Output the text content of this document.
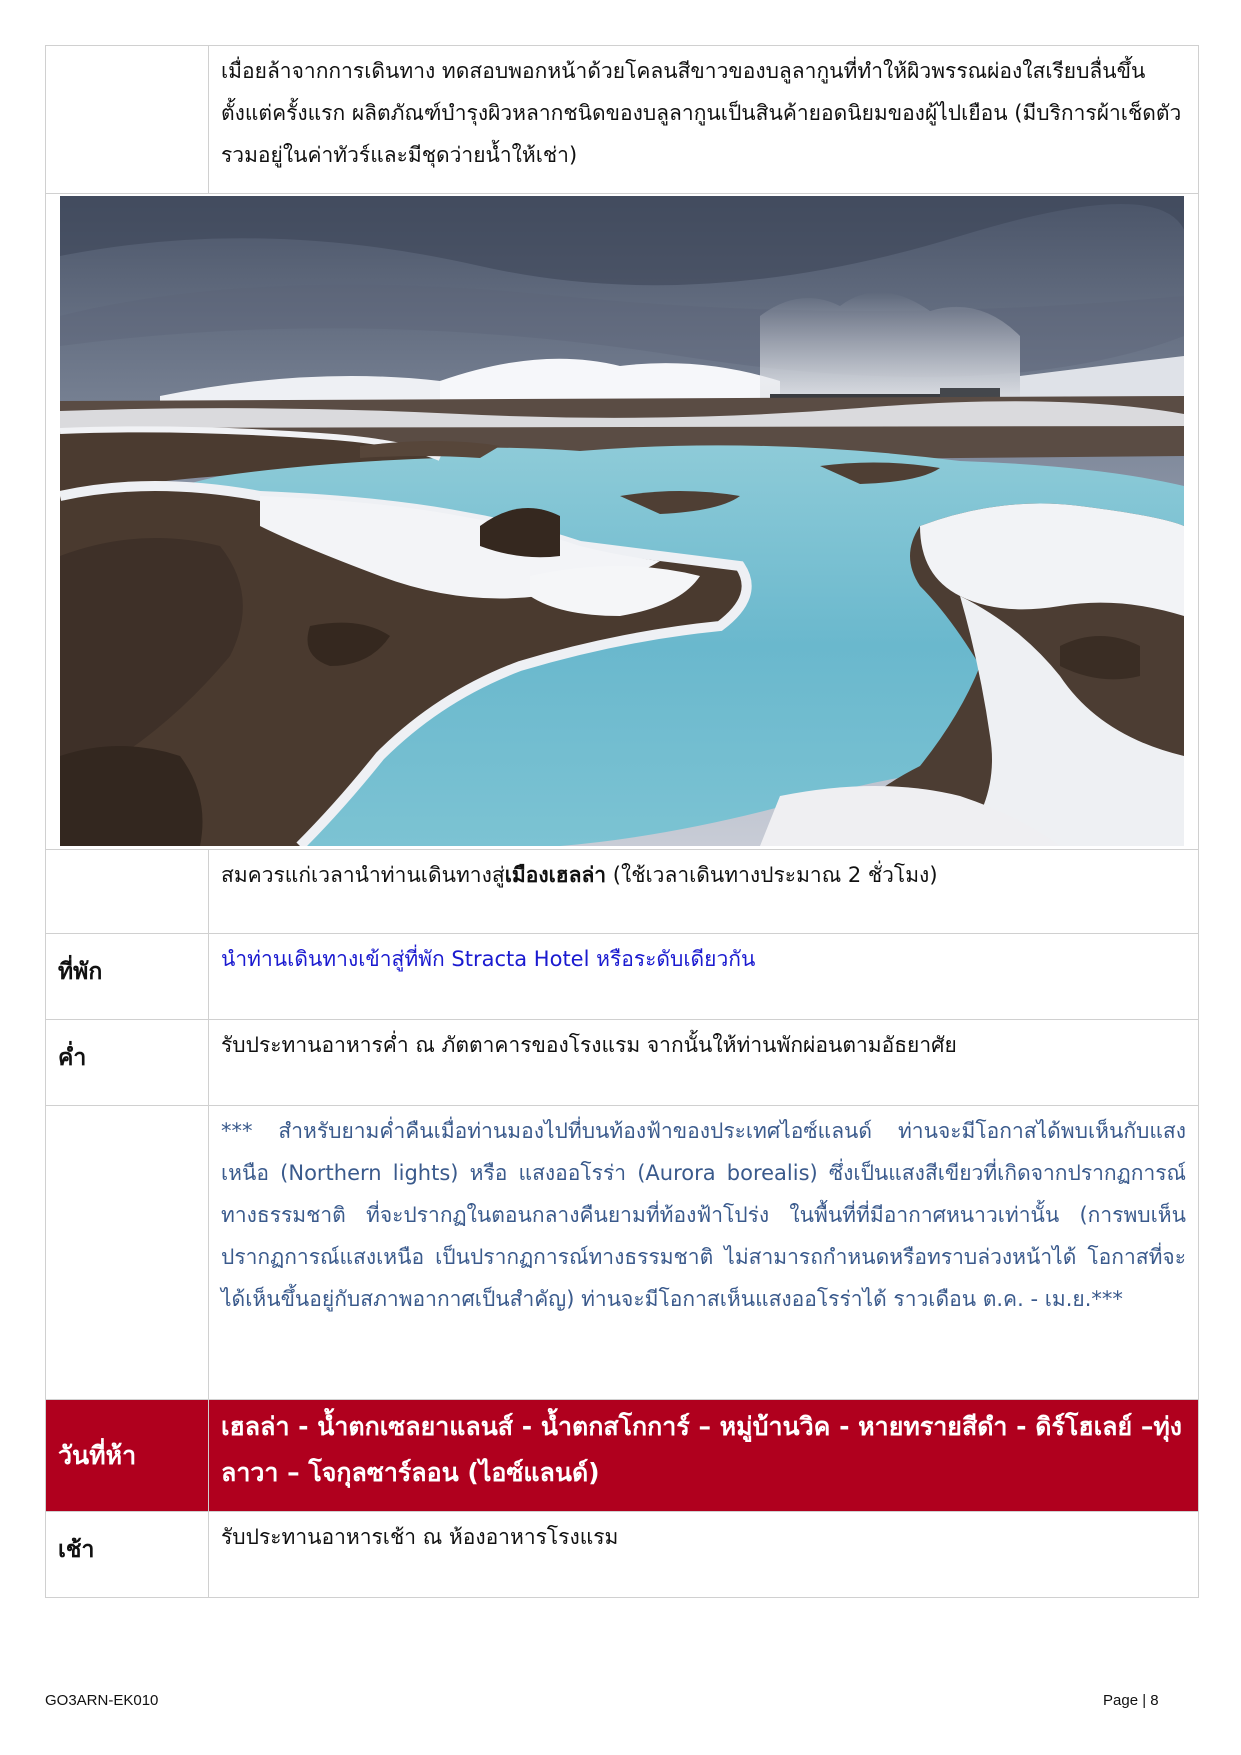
	เมื่อยล้าจากการเดินทาง ทดสอบพอกหน้าด้วยโคลนสีขาวของบลูลากูนที่ทำให้ผิวพรรณผ่องใสเรียบลื่นขึ้นตั้งแต่ครั้งแรก ผลิตภัณฑ์บำรุงผิวหลากชนิดของบลูลากูนเป็นสินค้ายอดนิยมของผู้ไปเยือน (มีบริการผ้าเช็ดตัวรวมอยู่ในค่าทัวร์และมีชุดว่ายน้ำให้เช่า)

	สมควรแก่เวลานำท่านเดินทางสู่เมืองเฮลล่า (ใช้เวลาเดินทางประมาณ 2 ชั่วโมง)
ที่พัก	นำท่านเดินทางเข้าสู่ที่พัก Stracta Hotel หรือระดับเดียวกัน
ค่ำ	รับประทานอาหารค่ำ ณ ภัตตาคารของโรงแรม จากนั้นให้ท่านพักผ่อนตามอัธยาศัย
	*** สำหรับยามค่ำคืนเมื่อท่านมองไปที่บนท้องฟ้าของประเทศไอซ์แลนด์ ท่านจะมีโอกาสได้พบเห็นกับแสงเหนือ (Northern lights) หรือ แสงออโรร่า (Aurora borealis) ซึ่งเป็นแสงสีเขียวที่เกิดจากปรากฏการณ์ทางธรรมชาติ ที่จะปรากฏในตอนกลางคืนยามที่ท้องฟ้าโปร่ง ในพื้นที่ที่มีอากาศหนาวเท่านั้น (การพบเห็นปรากฏการณ์แสงเหนือ เป็นปรากฏการณ์ทางธรรมชาติ ไม่สามารถกำหนดหรือทราบล่วงหน้าได้ โอกาสที่จะได้เห็นขึ้นอยู่กับสภาพอากาศเป็นสำคัญ) ท่านจะมีโอกาสเห็นแสงออโรร่าได้ ราวเดือน ต.ค. - เม.ย.***
วันที่ห้า	เฮลล่า - น้ำตกเซลยาแลนส์ - น้ำตกสโกการ์ – หมู่บ้านวิค - หายทรายสีดำ - ดิร์โฮเลย์ –ทุ่งลาวา – โจกุลซาร์ลอน (ไอซ์แลนด์)
เช้า	รับประทานอาหารเช้า ณ ห้องอาหารโรงแรม
GO3ARN-EK010	Page | 8
